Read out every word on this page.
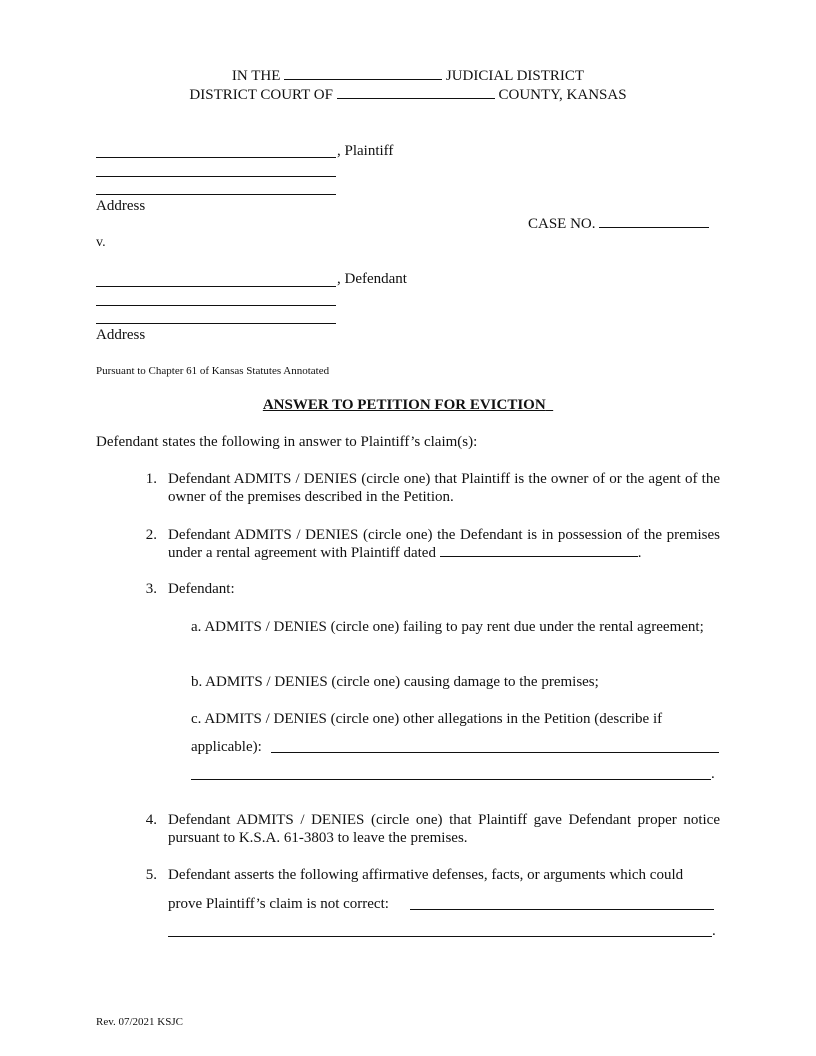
IN THE	JUDICIAL DISTRICT
DISTRICT COURT OF	COUNTY, KANSAS
, Plaintiff
Address
CASE NO.
v.
, Defendant
Address
Pursuant to Chapter 61 of Kansas Statutes Annotated
ANSWER TO PETITION FOR EVICTION
Defendant states the following in answer to Plaintiff’s claim(s):
1. Defendant ADMITS / DENIES (circle one) that Plaintiff is the owner of or the agent of the owner of the premises described in the Petition.
2. Defendant ADMITS / DENIES (circle one) the Defendant is in possession of the premises under a rental agreement with Plaintiff dated	.
3. Defendant:
a. ADMITS / DENIES (circle one) failing to pay rent due under the rental agreement;
b. ADMITS / DENIES (circle one) causing damage to the premises;
c. ADMITS / DENIES (circle one) other allegations in the Petition (describe if
applicable):
.
4. Defendant ADMITS / DENIES (circle one) that Plaintiff gave Defendant proper notice pursuant to K.S.A. 61-3803 to leave the premises.
5. Defendant asserts the following affirmative defenses, facts, or arguments which could
prove Plaintiff’s claim is not correct:
.
Rev. 07/2021 KSJC
